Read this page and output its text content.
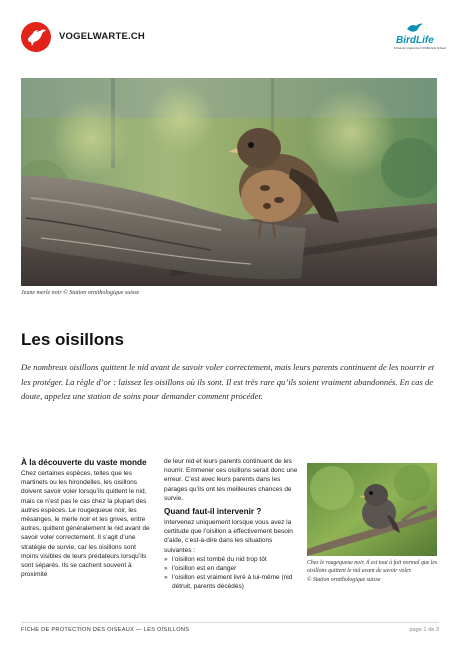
VOGELWARTE.CH	BirdLife
Schweizer Vogelschutz SVS/BirdLife Schweiz
Jeune merle noir © Station ornithologique suisse
Les oisillons

De nombreux oisillons quittent le nid avant de savoir voler correctement, mais leurs parents continuent de les nourrir et les protéger. La règle d’or : laissez les oisillons où ils sont. Il est très rare qu’ils soient vraiment abandonnés. En cas de doute, appelez une station de soins pour demander comment procéder.

À la découverte du vaste monde

Chez certaines espèces, telles que les martinets ou les hirondelles, les oisillons doivent savoir voler lorsqu’ils quittent le nid, mais ce n’est pas le cas chez la plupart des autres espèces. Le rougequeue noir, les mésanges, le merle noir et les grives, entre autres, quittent généralement le nid avant de savoir voler correctement. Il s’agit d’une stratégie de survie, car les oisillons sont moins visibles de leurs prédateurs lorsqu’ils sont séparés. Ils se cachent souvent à proximité

de leur nid et leurs parents continuent de les nourrir. Emmener ces oisillons serait donc une erreur. C’est avec leurs parents dans les parages qu’ils ont les meilleures chances de survie.

Quand faut-il intervenir ?

Intervenez uniquement lorsque vous avez la certitude que l’oisillon a effectivement besoin d’aide, c’est-à-dire dans les situations suivantes :

» l’oisillon est tombé du nid trop tôt
» l’oisillon est en danger
» l’oisillon est vraiment livré à lui-même (nid détruit, parents décédés)
Chez le rougequeue noir, il est tout à fait normal que les oisillons quittent le nid avant de savoir voler.
© Station ornithologique suisse
FICHE DE PROTECTION DES OISEAUX — LES OISILLONS	page 1 de 3
